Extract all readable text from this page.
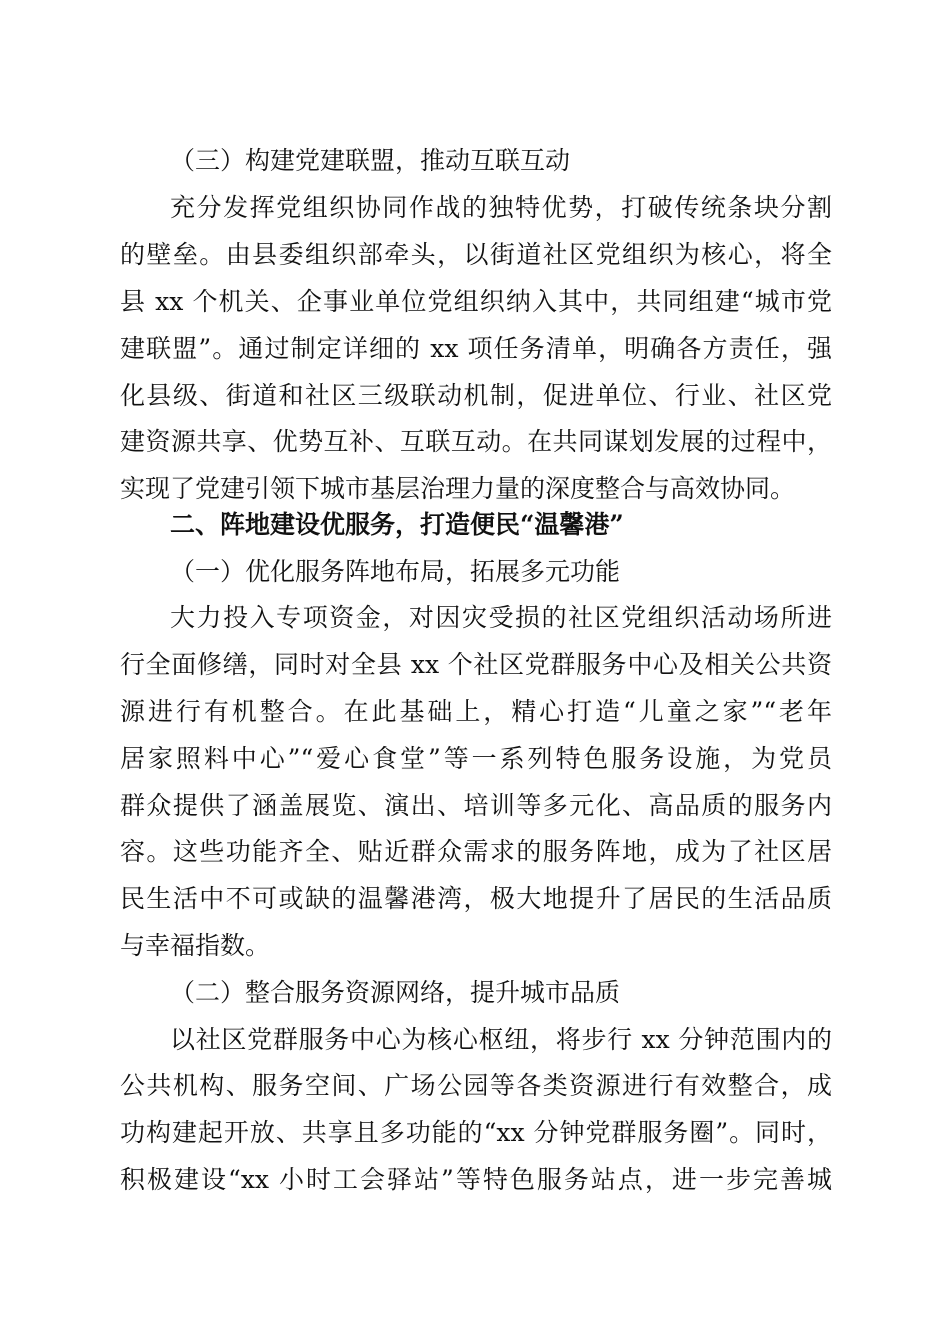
（三）构建党建联盟，推动互联互动
充分发挥党组织协同作战的独特优势，打破传统条块分割
的壁垒。由县委组织部牵头，以街道社区党组织为核心，将全
县 xx 个机关、企事业单位党组织纳入其中，共同组建“城市党
建联盟”。通过制定详细的 xx 项任务清单，明确各方责任，强
化县级、街道和社区三级联动机制，促进单位、行业、社区党
建资源共享、优势互补、互联互动。在共同谋划发展的过程中，
实现了党建引领下城市基层治理力量的深度整合与高效协同。
二、阵地建设优服务，打造便民“温馨港”
（一）优化服务阵地布局，拓展多元功能
大力投入专项资金，对因灾受损的社区党组织活动场所进
行全面修缮，同时对全县 xx 个社区党群服务中心及相关公共资
源进行有机整合。在此基础上，精心打造“儿童之家”“老年
居家照料中心”“爱心食堂”等一系列特色服务设施，为党员
群众提供了涵盖展览、演出、培训等多元化、高品质的服务内
容。这些功能齐全、贴近群众需求的服务阵地，成为了社区居
民生活中不可或缺的温馨港湾，极大地提升了居民的生活品质
与幸福指数。
（二）整合服务资源网络，提升城市品质
以社区党群服务中心为核心枢纽，将步行 xx 分钟范围内的
公共机构、服务空间、广场公园等各类资源进行有效整合，成
功构建起开放、共享且多功能的“xx 分钟党群服务圈”。同时，
积极建设“xx 小时工会驿站”等特色服务站点，进一步完善城
